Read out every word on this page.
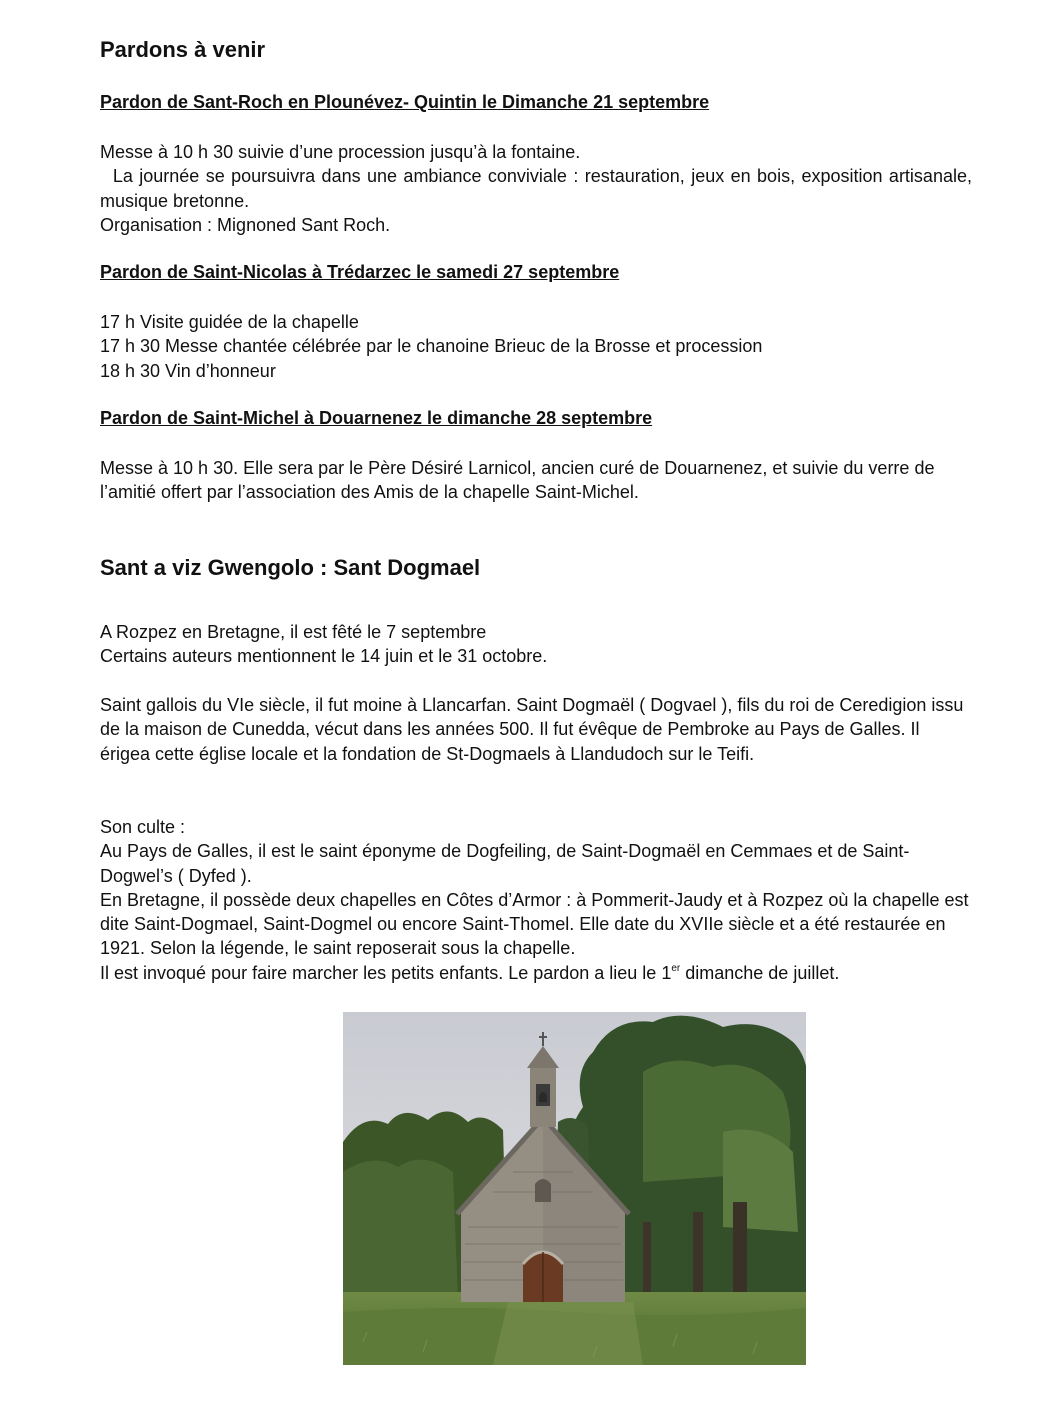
Pardons à venir
Pardon de Sant-Roch en Plounévez- Quintin le Dimanche 21 septembre

Messe à 10 h 30 suivie d’une procession jusqu’à la fontaine.

La journée se poursuivra dans une ambiance conviviale : restauration, jeux en bois, exposition artisanale, musique bretonne.

Organisation : Mignoned Sant Roch.

Pardon de Saint-Nicolas à Trédarzec le samedi 27 septembre

17 h Visite guidée de la chapelle

17 h 30 Messe chantée célébrée par le chanoine Brieuc de la Brosse et procession

18 h 30 Vin d’honneur

Pardon de Saint-Michel à Douarnenez le dimanche 28 septembre

Messe à 10 h 30. Elle sera par le Père Désiré Larnicol, ancien curé de Douarnenez, et suivie du verre de l’amitié offert par l’association des Amis de la chapelle Saint-Michel.

Sant a viz Gwengolo : Sant Dogmael

A Rozpez en Bretagne, il est fêté le 7 septembre

Certains auteurs mentionnent le 14 juin et le 31 octobre.

Saint gallois du VIe siècle, il fut moine à Llancarfan. Saint Dogmaël ( Dogvael ), fils du roi de Ceredigion issu de la maison de Cunedda, vécut dans les années 500. Il fut évêque de Pembroke au Pays de Galles. Il érigea cette église locale et la fondation de St-Dogmaels à Llandudoch sur le Teifi.

Son culte :

Au Pays de Galles, il est le saint éponyme de Dogfeiling, de Saint-Dogmaël en Cemmaes et de Saint-Dogwel’s ( Dyfed ).

En Bretagne, il possède deux chapelles en Côtes d’Armor : à Pommerit-Jaudy et à Rozpez où la chapelle est dite Saint-Dogmael, Saint-Dogmel ou encore Saint-Thomel. Elle date du XVIIe siècle et a été restaurée en 1921. Selon la légende, le saint reposerait sous la chapelle.

Il est invoqué pour faire marcher les petits enfants. Le pardon a lieu le 1er dimanche de juillet.
